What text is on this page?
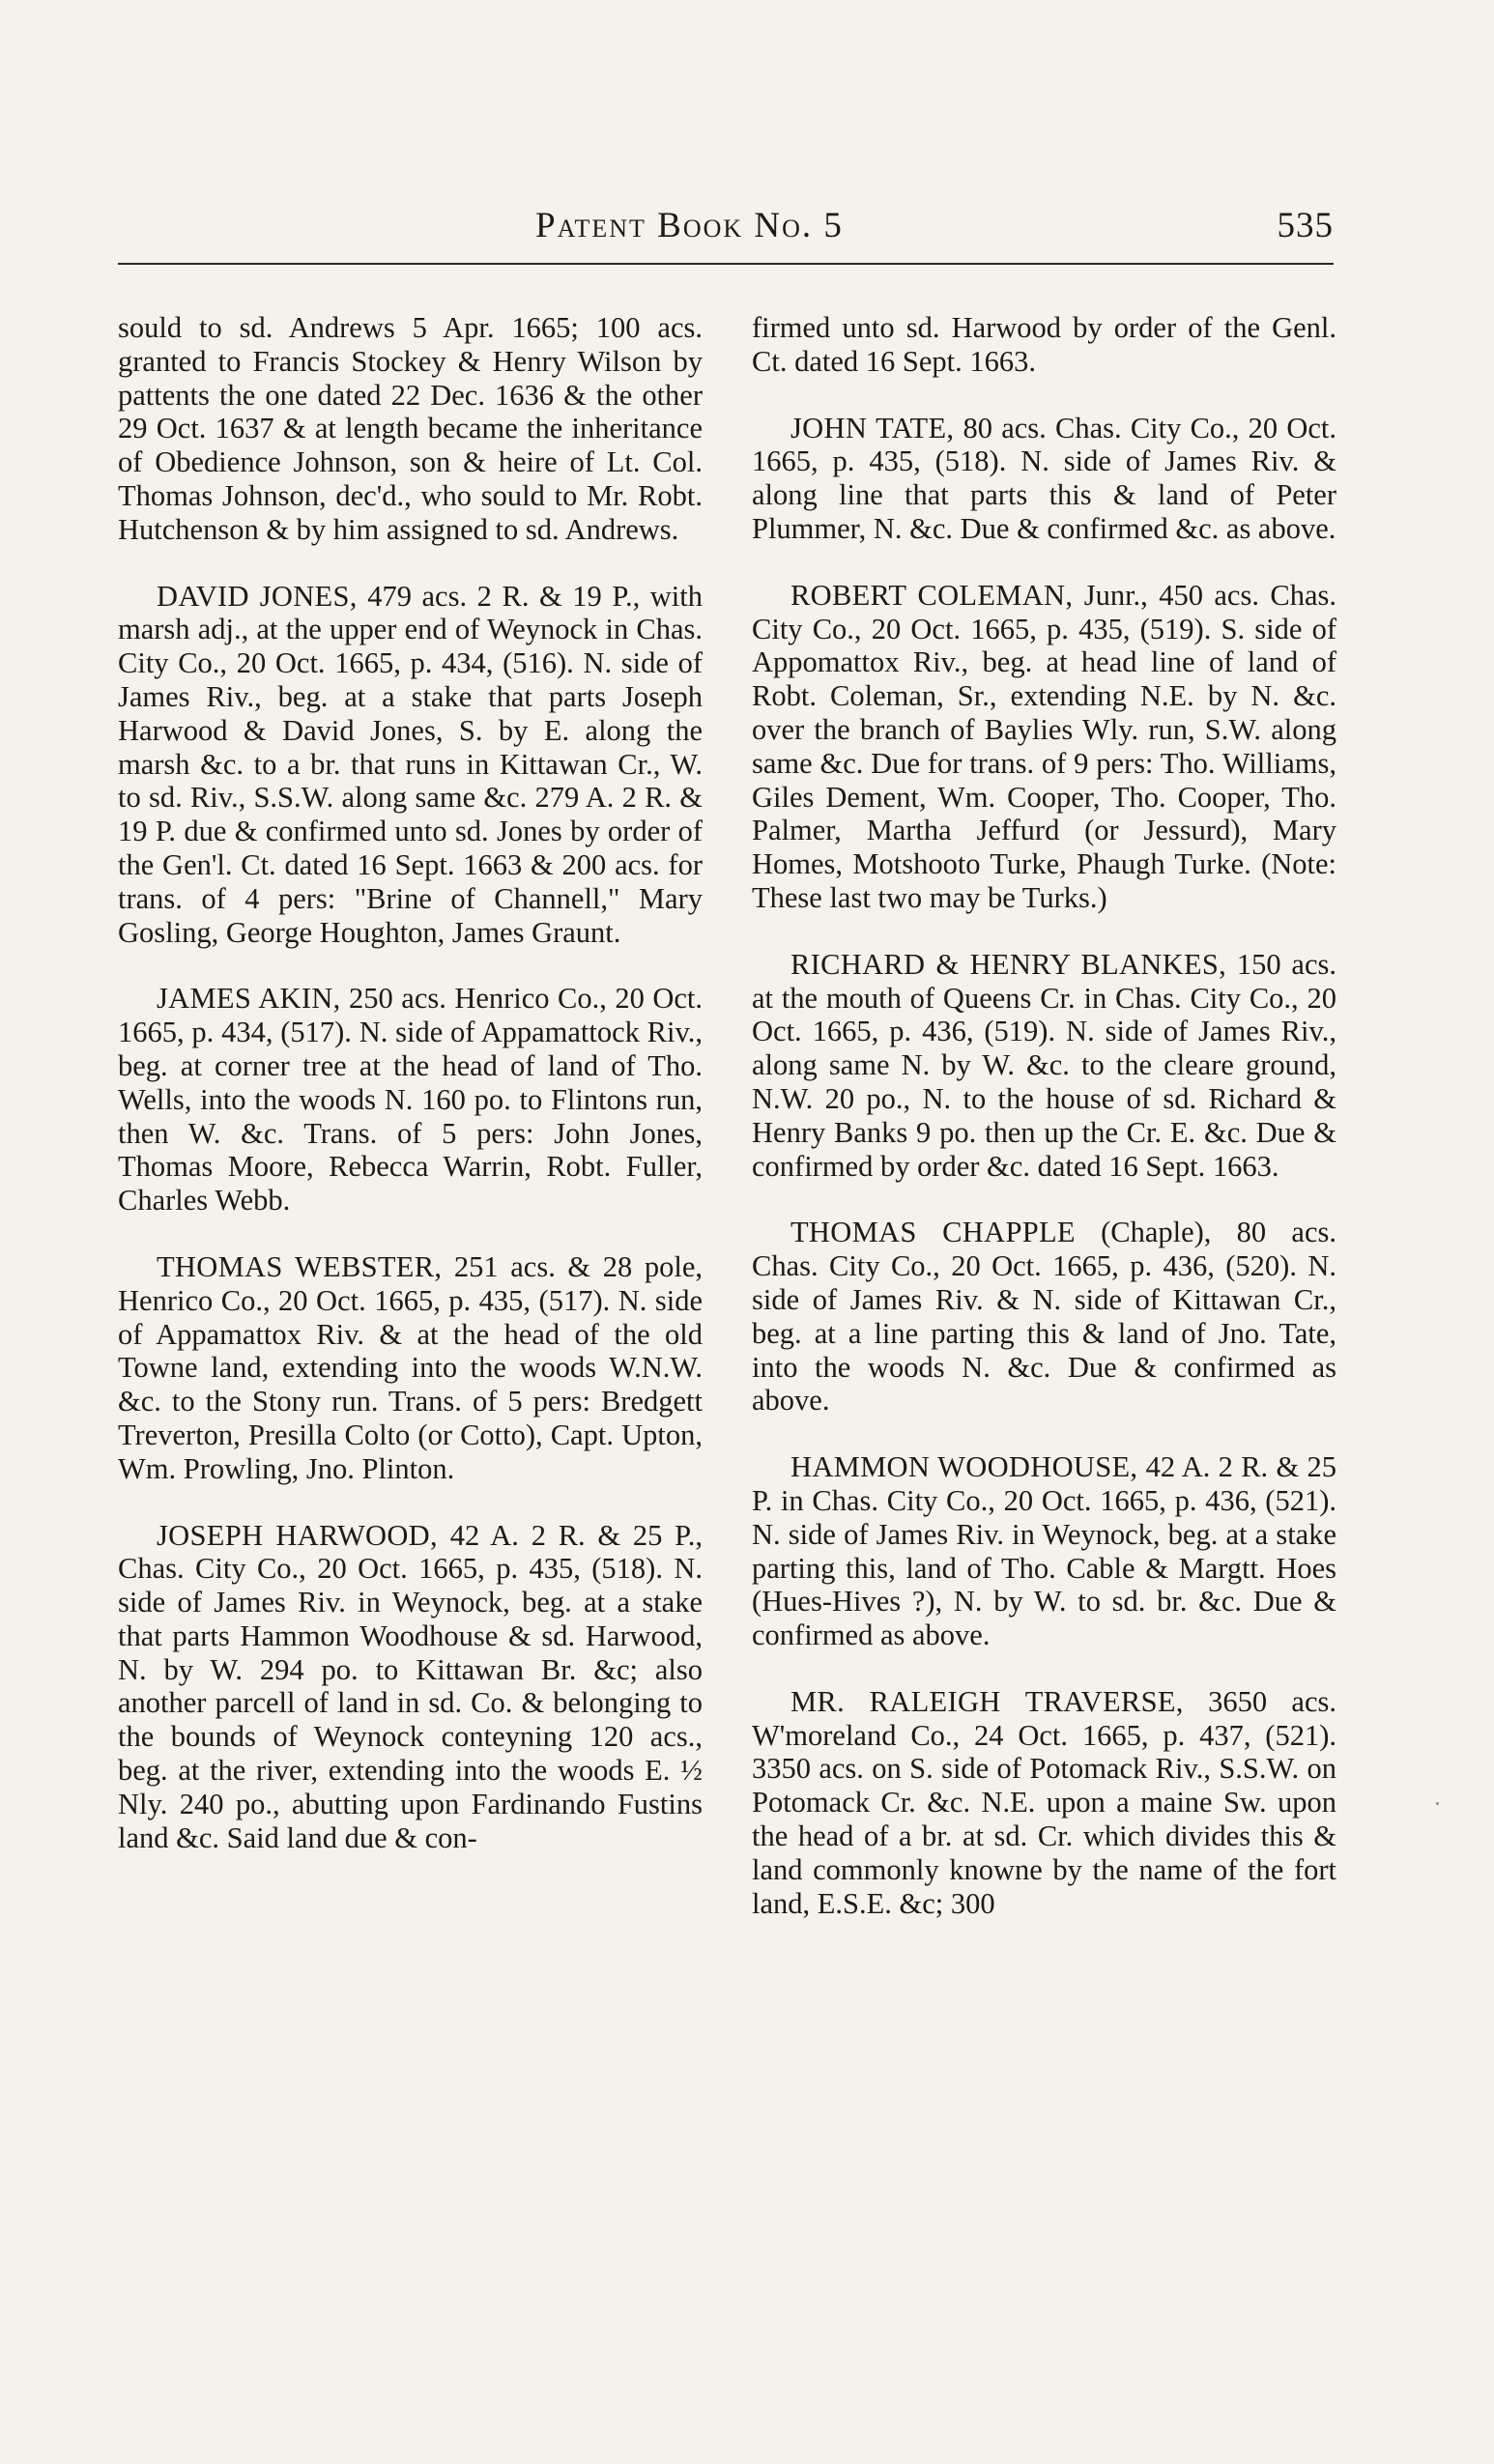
Patent Book No. 5	535

sould to sd. Andrews 5 Apr. 1665; 100 acs. granted to Francis Stockey & Henry Wilson by pattents the one dated 22 Dec. 1636 & the other 29 Oct. 1637 & at length became the inheritance of Obedience Johnson, son & heire of Lt. Col. Thomas Johnson, dec'd., who sould to Mr. Robt. Hutchenson & by him assigned to sd. Andrews.

DAVID JONES, 479 acs. 2 R. & 19 P., with marsh adj., at the upper end of Weynock in Chas. City Co., 20 Oct. 1665, p. 434, (516). N. side of James Riv., beg. at a stake that parts Joseph Harwood & David Jones, S. by E. along the marsh &c. to a br. that runs in Kittawan Cr., W. to sd. Riv., S.S.W. along same &c. 279 A. 2 R. & 19 P. due & confirmed unto sd. Jones by order of the Gen'l. Ct. dated 16 Sept. 1663 & 200 acs. for trans. of 4 pers: "Brine of Channell," Mary Gosling, George Houghton, James Graunt.

JAMES AKIN, 250 acs. Henrico Co., 20 Oct. 1665, p. 434, (517). N. side of Appamattock Riv., beg. at corner tree at the head of land of Tho. Wells, into the woods N. 160 po. to Flintons run, then W. &c. Trans. of 5 pers: John Jones, Thomas Moore, Rebecca Warrin, Robt. Fuller, Charles Webb.

THOMAS WEBSTER, 251 acs. & 28 pole, Henrico Co., 20 Oct. 1665, p. 435, (517). N. side of Appamattox Riv. & at the head of the old Towne land, extending into the woods W.N.W. &c. to the Stony run. Trans. of 5 pers: Bredgett Treverton, Presilla Colto (or Cotto), Capt. Upton, Wm. Prowling, Jno. Plinton.

JOSEPH HARWOOD, 42 A. 2 R. & 25 P., Chas. City Co., 20 Oct. 1665, p. 435, (518). N. side of James Riv. in Weynock, beg. at a stake that parts Hammon Woodhouse & sd. Harwood, N. by W. 294 po. to Kittawan Br. &c; also another parcell of land in sd. Co. & belonging to the bounds of Weynock conteyning 120 acs., beg. at the river, extending into the woods E. ½ Nly. 240 po., abutting upon Fardinando Fustins land &c. Said land due & con-

firmed unto sd. Harwood by order of the Genl. Ct. dated 16 Sept. 1663.

JOHN TATE, 80 acs. Chas. City Co., 20 Oct. 1665, p. 435, (518). N. side of James Riv. & along line that parts this & land of Peter Plummer, N. &c. Due & confirmed &c. as above.

ROBERT COLEMAN, Junr., 450 acs. Chas. City Co., 20 Oct. 1665, p. 435, (519). S. side of Appomattox Riv., beg. at head line of land of Robt. Coleman, Sr., extending N.E. by N. &c. over the branch of Baylies Wly. run, S.W. along same &c. Due for trans. of 9 pers: Tho. Williams, Giles Dement, Wm. Cooper, Tho. Cooper, Tho. Palmer, Martha Jeffurd (or Jessurd), Mary Homes, Motshooto Turke, Phaugh Turke. (Note: These last two may be Turks.)

RICHARD & HENRY BLANKES, 150 acs. at the mouth of Queens Cr. in Chas. City Co., 20 Oct. 1665, p. 436, (519). N. side of James Riv., along same N. by W. &c. to the cleare ground, N.W. 20 po., N. to the house of sd. Richard & Henry Banks 9 po. then up the Cr. E. &c. Due & confirmed by order &c. dated 16 Sept. 1663.

THOMAS CHAPPLE (Chaple), 80 acs. Chas. City Co., 20 Oct. 1665, p. 436, (520). N. side of James Riv. & N. side of Kittawan Cr., beg. at a line parting this & land of Jno. Tate, into the woods N. &c. Due & confirmed as above.

HAMMON WOODHOUSE, 42 A. 2 R. & 25 P. in Chas. City Co., 20 Oct. 1665, p. 436, (521). N. side of James Riv. in Weynock, beg. at a stake parting this, land of Tho. Cable & Margtt. Hoes (Hues-Hives ?), N. by W. to sd. br. &c. Due & confirmed as above.

MR. RALEIGH TRAVERSE, 3650 acs. W'moreland Co., 24 Oct. 1665, p. 437, (521). 3350 acs. on S. side of Potomack Riv., S.S.W. on Potomack Cr. &c. N.E. upon a maine Sw. upon the head of a br. at sd. Cr. which divides this & land commonly knowne by the name of the fort land, E.S.E. &c; 300
